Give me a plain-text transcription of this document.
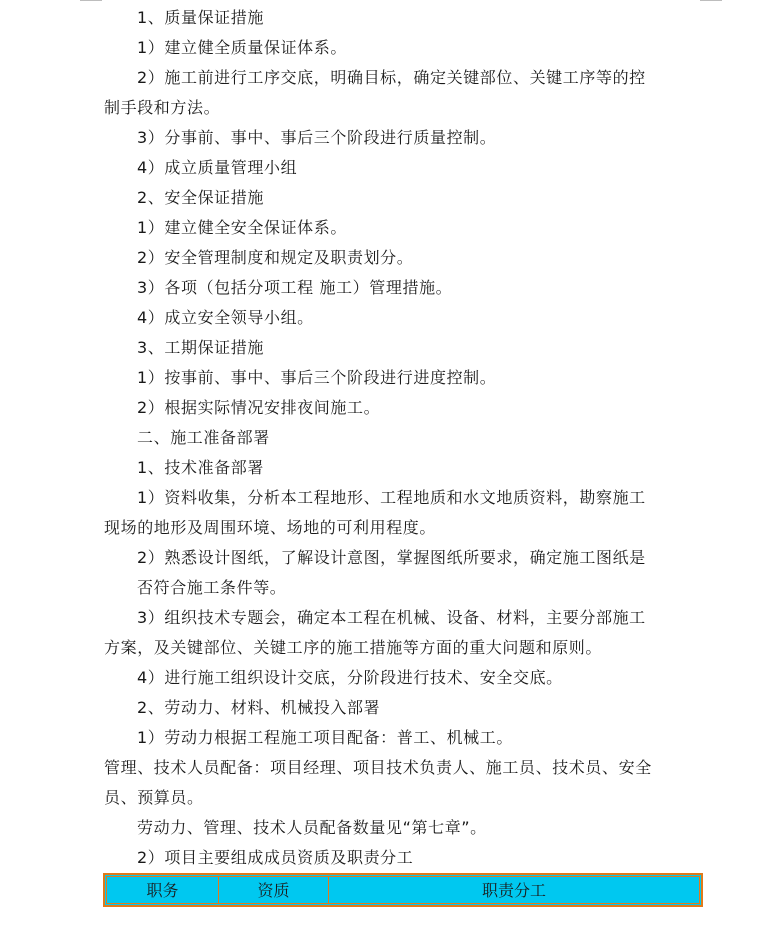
1、质量保证措施
1）建立健全质量保证体系。
2）施工前进行工序交底，明确目标，确定关键部位、关键工序等的控
制手段和方法。
3）分事前、事中、事后三个阶段进行质量控制。
4）成立质量管理小组
2、安全保证措施
1）建立健全安全保证体系。
2）安全管理制度和规定及职责划分。
3）各项（包括分项工程 施工）管理措施。
4）成立安全领导小组。
3、工期保证措施
1）按事前、事中、事后三个阶段进行进度控制。
2）根据实际情况安排夜间施工。
二、施工准备部署
1、技术准备部署
1）资料收集，分析本工程地形、工程地质和水文地质资料，勘察施工
现场的地形及周围环境、场地的可利用程度。
2）熟悉设计图纸，了解设计意图，掌握图纸所要求，确定施工图纸是
否符合施工条件等。
3）组织技术专题会，确定本工程在机械、设备、材料，主要分部施工
方案，及关键部位、关键工序的施工措施等方面的重大问题和原则。
4）进行施工组织设计交底，分阶段进行技术、安全交底。
2、劳动力、材料、机械投入部署
1）劳动力根据工程施工项目配备：普工、机械工。
管理、技术人员配备：项目经理、项目技术负责人、施工员、技术员、安全
员、预算员。
劳动力、管理、技术人员配备数量见“第七章”。
2）项目主要组成成员资质及职责分工
职务	资质	职责分工
